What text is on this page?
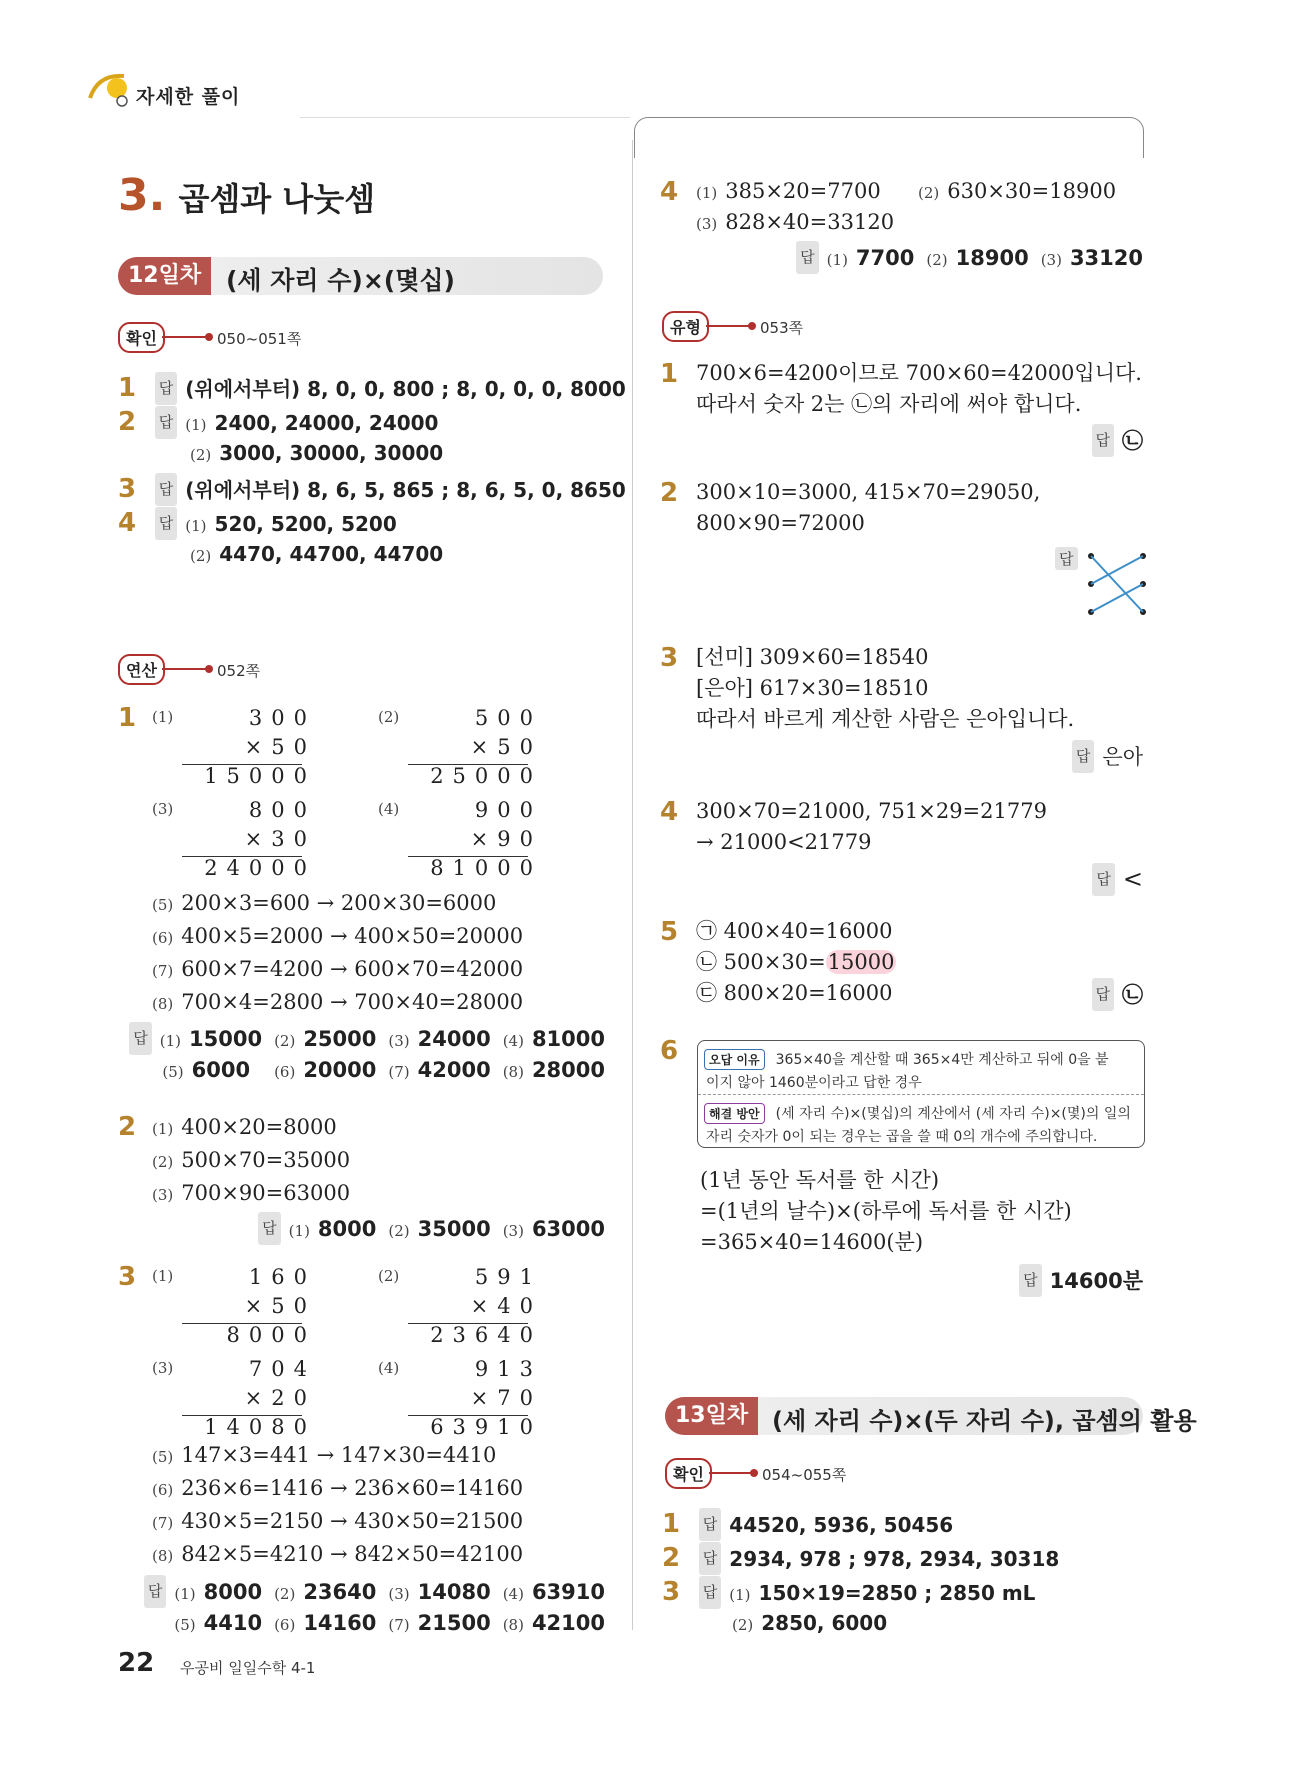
자세한 풀이
3. 곱셈과 나눗셈
12일차 (세 자리 수)×(몇십)
확인	050~051쪽
1 답 (위에서부터) 8, 0, 0, 800 ; 8, 0, 0, 0, 8000
2 답 (1) 2400, 24000, 24000
(2) 3000, 30000, 30000
3 답 (위에서부터) 8, 6, 5, 865 ; 8, 6, 5, 0, 8650
4 답 (1) 520, 5200, 5200
(2) 4470, 44700, 44700
연산	052쪽
1 (1)	300
×50
15000
(2)	500
×50
25000
(3)	800
×30
24000
(4)	900
×90
81000
(5) 200×3=600 → 200×30=6000
(6) 400×5=2000 → 400×50=20000
(7) 600×7=4200 → 600×70=42000
(8) 700×4=2800 → 700×40=28000
답 (1) 15000 (2) 25000 (3) 24000 (4) 81000
(5) 6000 (6) 20000 (7) 42000 (8) 28000
2 (1) 400×20=8000
(2) 500×70=35000
(3) 700×90=63000
답 (1) 8000 (2) 35000 (3) 63000
3 (1)	160
×50
8000
(2)	591
×40
23640
(3)	704
×20
14080
(4)	913
×70
63910
(5) 147×3=441 → 147×30=4410
(6) 236×6=1416 → 236×60=14160
(7) 430×5=2150 → 430×50=21500
(8) 842×5=4210 → 842×50=42100
답 (1) 8000 (2) 23640 (3) 14080 (4) 63910
(5) 4410 (6) 14160 (7) 21500 (8) 42100
22 우공비 일일수학 4-1
4 (1) 385×20=7700 (2) 630×30=18900
(3) 828×40=33120
답 (1) 7700 (2) 18900 (3) 33120
유형	053쪽
1 700×6=4200이므로 700×60=42000입니다.
따라서 숫자 2는 ㉡의 자리에 써야 합니다.
답 ㉡
2 300×10=3000, 415×70=29050,
800×90=72000
답
3 [선미] 309×60=18540
[은아] 617×30=18510
따라서 바르게 계산한 사람은 은아입니다.
답 은아
4 300×70=21000, 751×29=21779
→ 21000<21779
답 <
5 ㉠ 400×40=16000
㉡ 500×30=15000
㉢ 800×20=16000	답 ㉡
6	오답 이유 365×40을 계산할 때 365×4만 계산하고 뒤에 0을 붙
이지 않아 1460분이라고 답한 경우
해결 방안 (세 자리 수)×(몇십)의 계산에서 (세 자리 수)×(몇)의 일의
자리 숫자가 0이 되는 경우는 곱을 쓸 때 0의 개수에 주의합니다.
(1년 동안 독서를 한 시간)
=(1년의 날수)×(하루에 독서를 한 시간)
=365×40=14600(분)
답 14600분
13일차 (세 자리 수)×(두 자리 수), 곱셈의 활용
확인	054~055쪽
1 답 44520, 5936, 50456
2 답 2934, 978 ; 978, 2934, 30318
3 답 (1) 150×19=2850 ; 2850 mL
(2) 2850, 6000
